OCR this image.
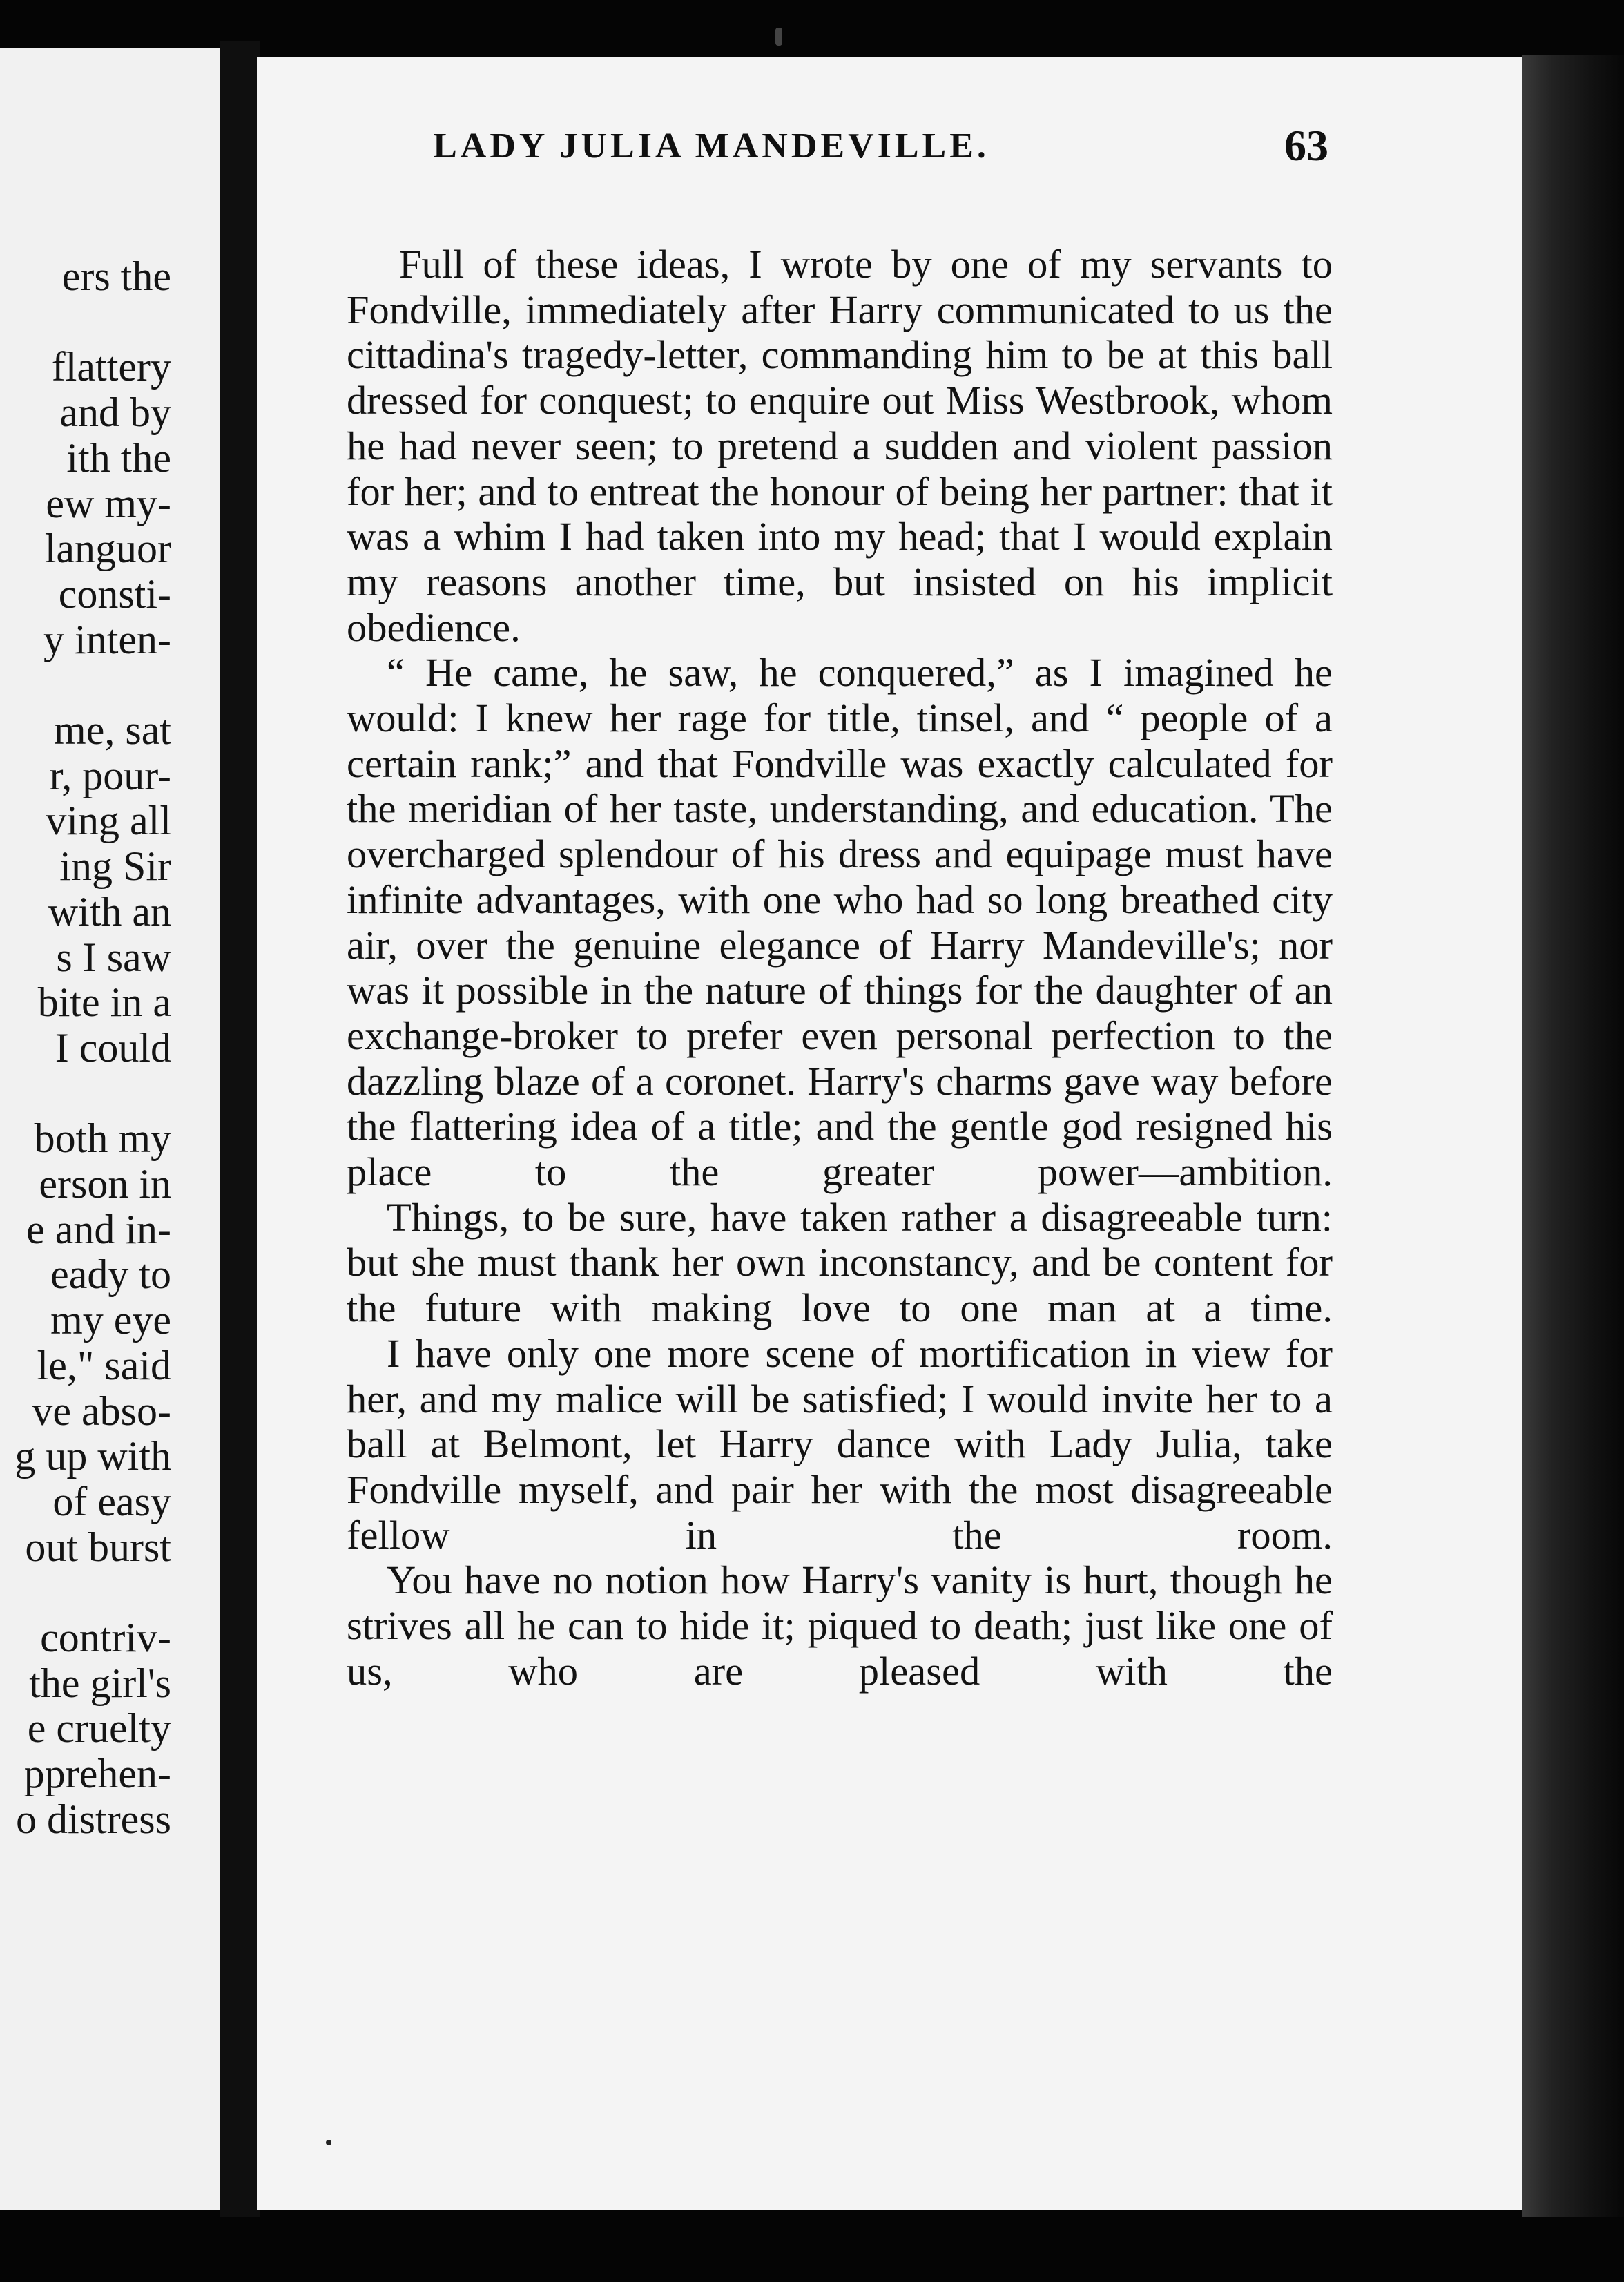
ers the
flattery
and by
ith the
ew my-
languor
consti-
y inten-
me, sat
r, pour-
ving all
ing Sir
with an
s I saw
bite in a
I could
both my
erson in
e and in-
eady to
my eye
le," said
ve abso-
g up with
of easy
out burst
contriv-
the girl's
e cruelty
pprehen-
o distress
LADY JULIA MANDEVILLE.	63

Full of these ideas, I wrote by one of my servants to Fondville, immediately after Harry communicated to us the cittadina's tragedy-letter, commanding him to be at this ball dressed for conquest; to enquire out Miss Westbrook, whom he had never seen; to pretend a sudden and violent passion for her; and to entreat the honour of being her partner: that it was a whim I had taken into my head; that I would explain my reasons another time, but insisted on his implicit obedience.

“ He came, he saw, he conquered,” as I imagined he would: I knew her rage for title, tinsel, and “ people of a certain rank;” and that Fondville was exactly calculated for the meridian of her taste, understanding, and education. The overcharged splendour of his dress and equipage must have infinite advantages, with one who had so long breathed city air, over the genuine elegance of Harry Mandeville's; nor was it possible in the nature of things for the daughter of an exchange-broker to prefer even personal perfection to the dazzling blaze of a coronet. Harry's charms gave way before the flattering idea of a title; and the gentle god resigned his place to the greater power—ambition.

Things, to be sure, have taken rather a disagreeable turn: but she must thank her own inconstancy, and be content for the future with making love to one man at a time.

I have only one more scene of mortification in view for her, and my malice will be satisfied; I would invite her to a ball at Belmont, let Harry dance with Lady Julia, take Fondville myself, and pair her with the most disagreeable fellow in the room.

You have no notion how Harry's vanity is hurt, though he strives all he can to hide it; piqued to death; just like one of us, who are pleased with the
